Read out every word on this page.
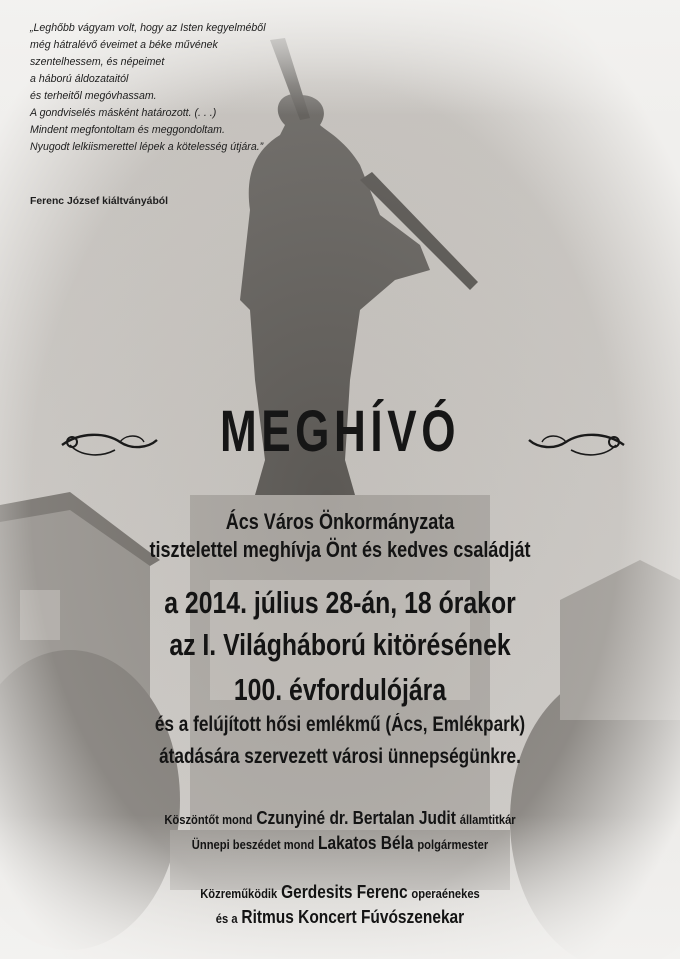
„Leghőbb vágyam volt, hogy az Isten kegyelméből
még hátralévő éveimet a béke művének
szentelhessem, és népeimet
a háború áldozataitól
és terheitől megóvhassam.
A gondviselés másként határozott. (. . .)
Mindent megfontoltam és meggondoltam.
Nyugodt lelkiismerettel lépek a kötelesség útjára.”
Ferenc József kiáltványából
MEGHÍVÓ
Ács Város Önkormányzata
tisztelettel meghívja Önt és kedves családját
a 2014. július 28-án, 18 órakor
az I. Világháború kitörésének
100. évfordulójára
és a felújított hősi emlékmű (Ács, Emlékpark)
átadására szervezett városi ünnepségünkre.
Köszöntőt mond Czunyiné dr. Bertalan Judit államtitkár
Ünnepi beszédet mond Lakatos Béla polgármester
Közreműködik Gerdesits Ferenc operaénekes
és a Ritmus Koncert Fúvószenekar
